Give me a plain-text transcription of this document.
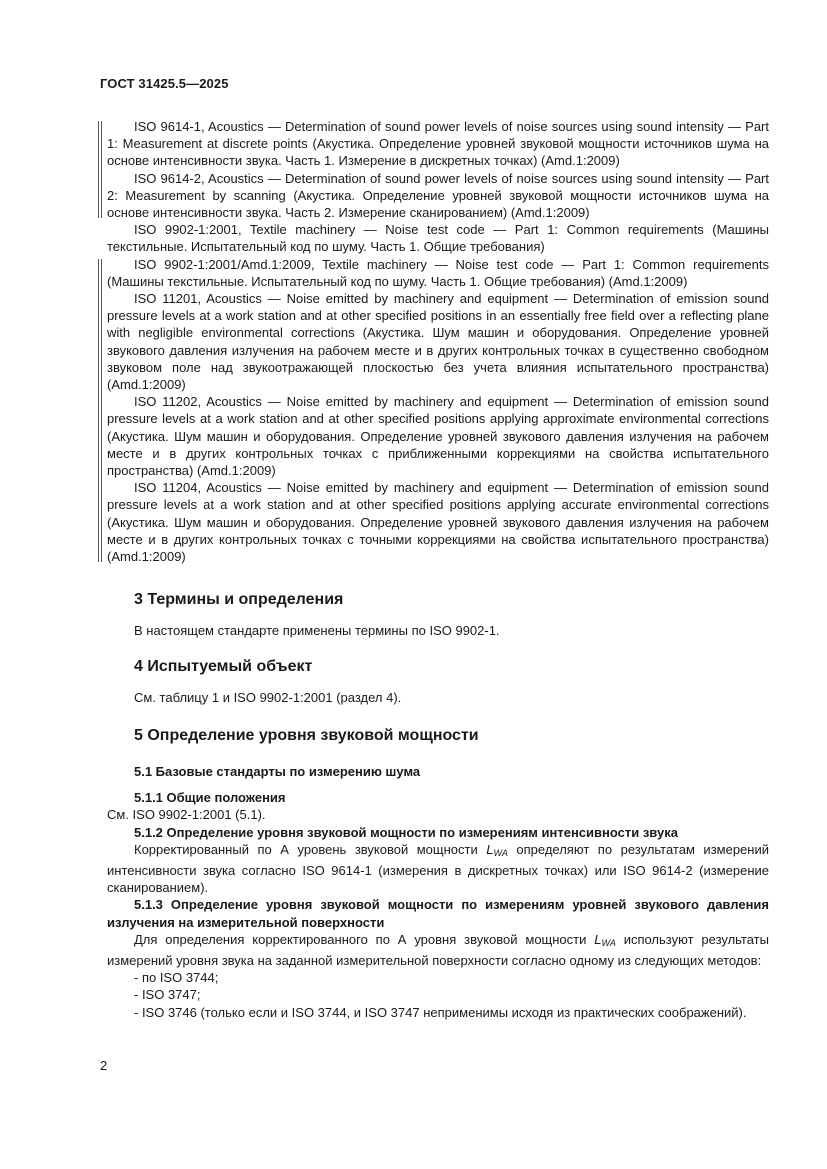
ГОСТ 31425.5—2025

ISO 9614-1, Acoustics — Determination of sound power levels of noise sources using sound intensity — Part 1: Measurement at discrete points (Акустика. Определение уровней звуковой мощности источников шума на основе интенсивности звука. Часть 1. Измерение в дискретных точках) (Amd.1:2009)

ISO 9614-2, Acoustics — Determination of sound power levels of noise sources using sound intensity — Part 2: Measurement by scanning (Акустика. Определение уровней звуковой мощности источников шума на основе интенсивности звука. Часть 2. Измерение сканированием) (Amd.1:2009)

ISO 9902-1:2001, Textile machinery — Noise test code — Part 1: Common requirements (Машины текстильные. Испытательный код по шуму. Часть 1. Общие требования)

ISO 9902-1:2001/Amd.1:2009, Textile machinery — Noise test code — Part 1: Common requirements (Машины текстильные. Испытательный код по шуму. Часть 1. Общие требования) (Amd.1:2009)

ISO 11201, Acoustics — Noise emitted by machinery and equipment — Determination of emission sound pressure levels at a work station and at other specified positions in an essentially free field over a reflecting plane with negligible environmental corrections (Акустика. Шум машин и оборудования. Определение уровней звукового давления излучения на рабочем месте и в других контрольных точках в существенно свободном звуковом поле над звукоотражающей плоскостью без учета влияния испытательного пространства) (Amd.1:2009)

ISO 11202, Acoustics — Noise emitted by machinery and equipment — Determination of emission sound pressure levels at a work station and at other specified positions applying approximate environmental corrections (Акустика. Шум машин и оборудования. Определение уровней звукового давления излучения на рабочем месте и в других контрольных точках с приближенными коррекциями на свойства испытательного пространства) (Amd.1:2009)

ISO 11204, Acoustics — Noise emitted by machinery and equipment — Determination of emission sound pressure levels at a work station and at other specified positions applying accurate environmental corrections (Акустика. Шум машин и оборудования. Определение уровней звукового давления излучения на рабочем месте и в других контрольных точках с точными коррекциями на свойства испытательного пространства) (Amd.1:2009)

3 Термины и определения

В настоящем стандарте применены термины по ISO 9902-1.

4 Испытуемый объект

См. таблицу 1 и ISO 9902-1:2001 (раздел 4).

5 Определение уровня звуковой мощности

5.1 Базовые стандарты по измерению шума

5.1.1 Общие положения

См. ISO 9902-1:2001 (5.1).

5.1.2 Определение уровня звуковой мощности по измерениям интенсивности звука

Корректированный по А уровень звуковой мощности $L_{WA}$ определяют по результатам измерений интенсивности звука согласно ISO 9614-1 (измерения в дискретных точках) или ISO 9614-2 (измерение сканированием).

5.1.3 Определение уровня звуковой мощности по измерениям уровней звукового давления излучения на измерительной поверхности

Для определения корректированного по А уровня звуковой мощности $L_{WA}$ используют результаты измерений уровня звука на заданной измерительной поверхности согласно одному из следующих методов:

- по ISO 3744;

- ISO 3747;

- ISO 3746 (только если и ISO 3744, и ISO 3747 неприменимы исходя из практических соображений).

2
